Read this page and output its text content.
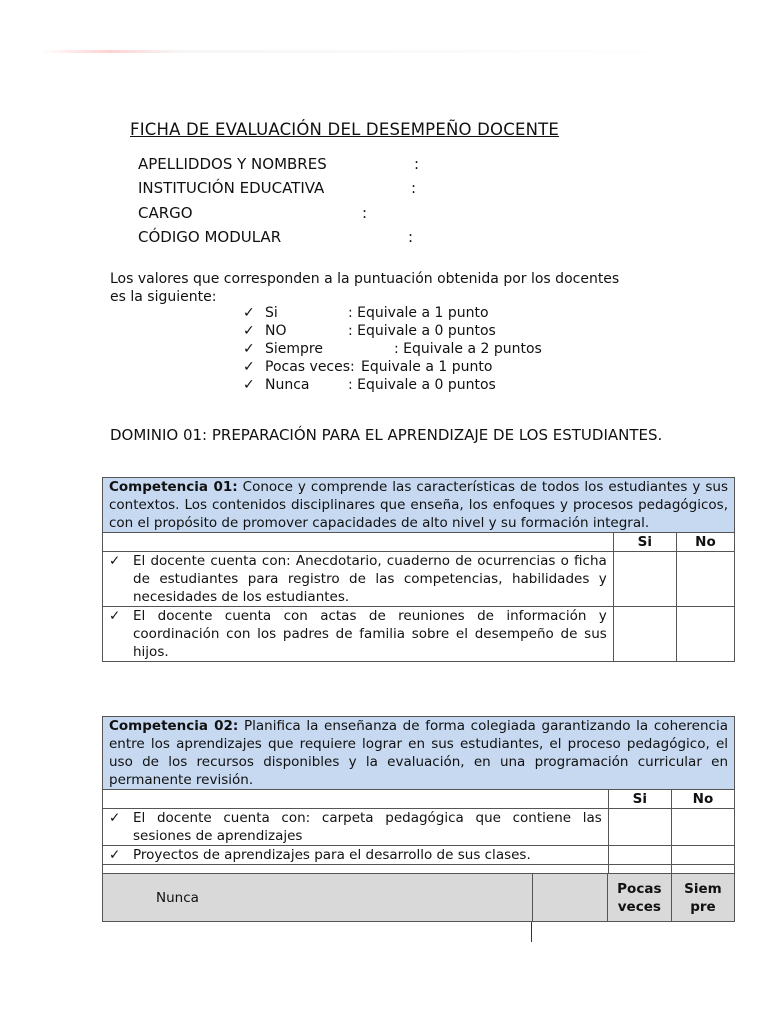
FICHA DE EVALUACIÓN DEL DESEMPEÑO DOCENTE
APELLIDDOS Y NOMBRES	:
INSTITUCIÓN EDUCATIVA	:
CARGO	:
CÓDIGO MODULAR	:
Los valores que corresponden a la puntuación obtenida por los docentes es la siguiente:
✓ Si	: Equivale a 1 punto
✓ NO	: Equivale a 0 puntos
✓ Siempre	: Equivale a 2 puntos
✓ Pocas veces: Equivale a 1 punto
✓ Nunca	: Equivale a 0 puntos
DOMINIO 01: PREPARACIÓN PARA EL APRENDIZAJE DE LOS ESTUDIANTES.
Competencia 01: Conoce y comprende las características de todos los estudiantes y sus contextos. Los contenidos disciplinares que enseña, los enfoques y procesos pedagógicos, con el propósito de promover capacidades de alto nivel y su formación integral.		
	Si	No

✓ El docente cuenta con: Anecdotario, cuaderno de ocurrencias o ficha de estudiantes para registro de las competencias, habilidades y necesidades de los estudiantes.		

✓ El docente cuenta con actas de reuniones de información y coordinación con los padres de familia sobre el desempeño de sus hijos.		

Competencia 02: Planifica la enseñanza de forma colegiada garantizando la coherencia entre los aprendizajes que requiere lograr en sus estudiantes, el proceso pedagógico, el uso de los recursos disponibles y la evaluación, en una programación curricular en permanente revisión.		
	Si	No

✓ El docente cuenta con: carpeta pedagógica que contiene las sesiones de aprendizajes		

✓ Proyectos de aprendizajes para el desarrollo de sus clases.		

Nunca		Pocas veces	Siem pre
